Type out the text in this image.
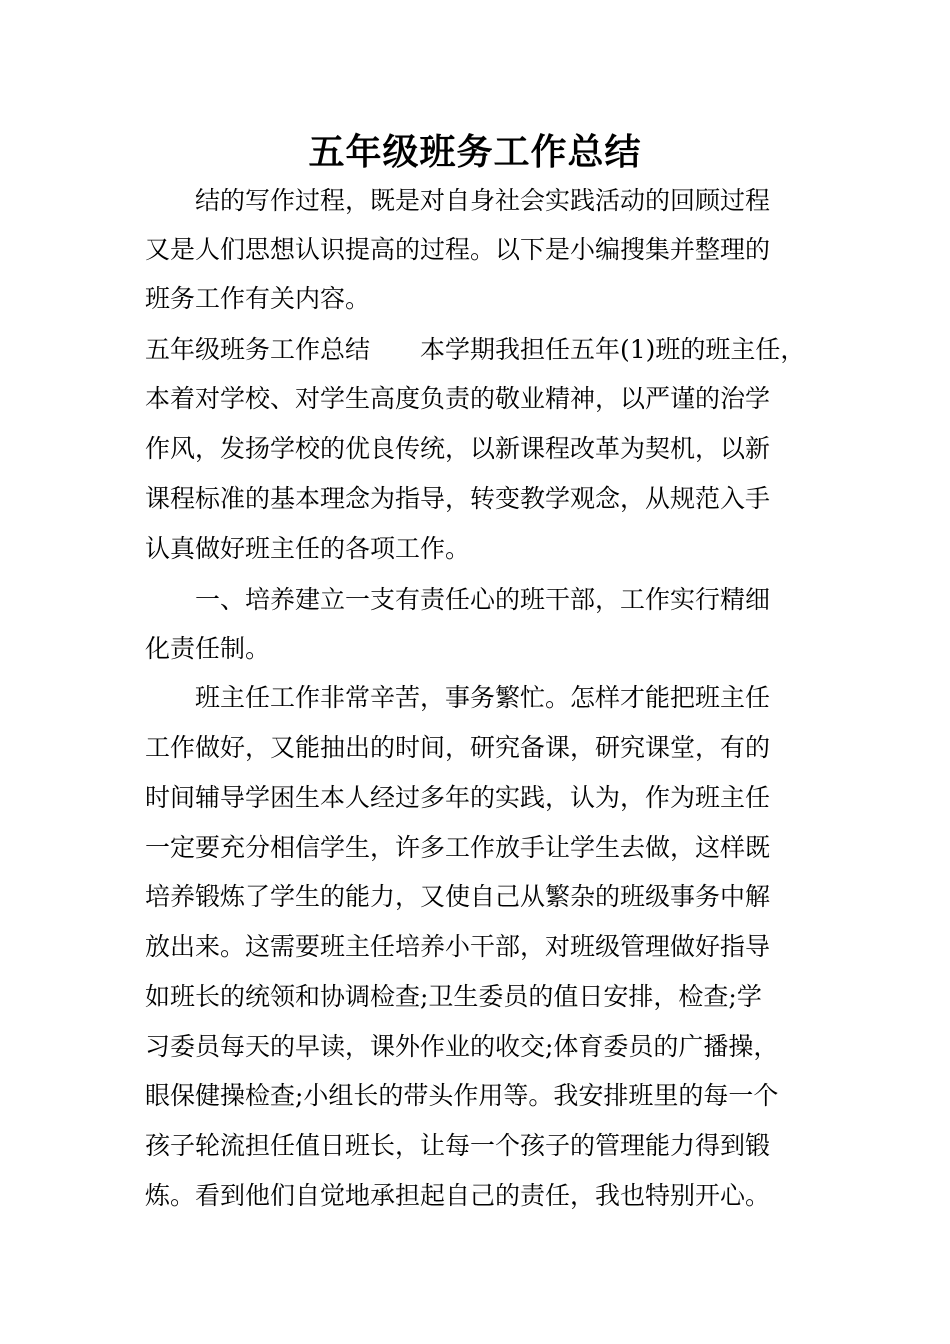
五年级班务工作总结
　　结的写作过程，既是对自身社会实践活动的回顾过程
又是人们思想认识提高的过程。以下是小编搜集并整理的
班务工作有关内容。
五年级班务工作总结　　本学期我担任五年(1)班的班主任，
本着对学校、对学生高度负责的敬业精神，以严谨的治学
作风，发扬学校的优良传统，以新课程改革为契机，以新
课程标准的基本理念为指导，转变教学观念，从规范入手
认真做好班主任的各项工作。
　　一、培养建立一支有责任心的班干部，工作实行精细
化责任制。
　　班主任工作非常辛苦，事务繁忙。怎样才能把班主任
工作做好，又能抽出的时间，研究备课，研究课堂，有的
时间辅导学困生本人经过多年的实践，认为，作为班主任
一定要充分相信学生，许多工作放手让学生去做，这样既
培养锻炼了学生的能力，又使自己从繁杂的班级事务中解
放出来。这需要班主任培养小干部，对班级管理做好指导
如班长的统领和协调检查;卫生委员的值日安排，检查;学
习委员每天的早读，课外作业的收交;体育委员的广播操，
眼保健操检查;小组长的带头作用等。我安排班里的每一个
孩子轮流担任值日班长，让每一个孩子的管理能力得到锻
炼。看到他们自觉地承担起自己的责任，我也特别开心。
